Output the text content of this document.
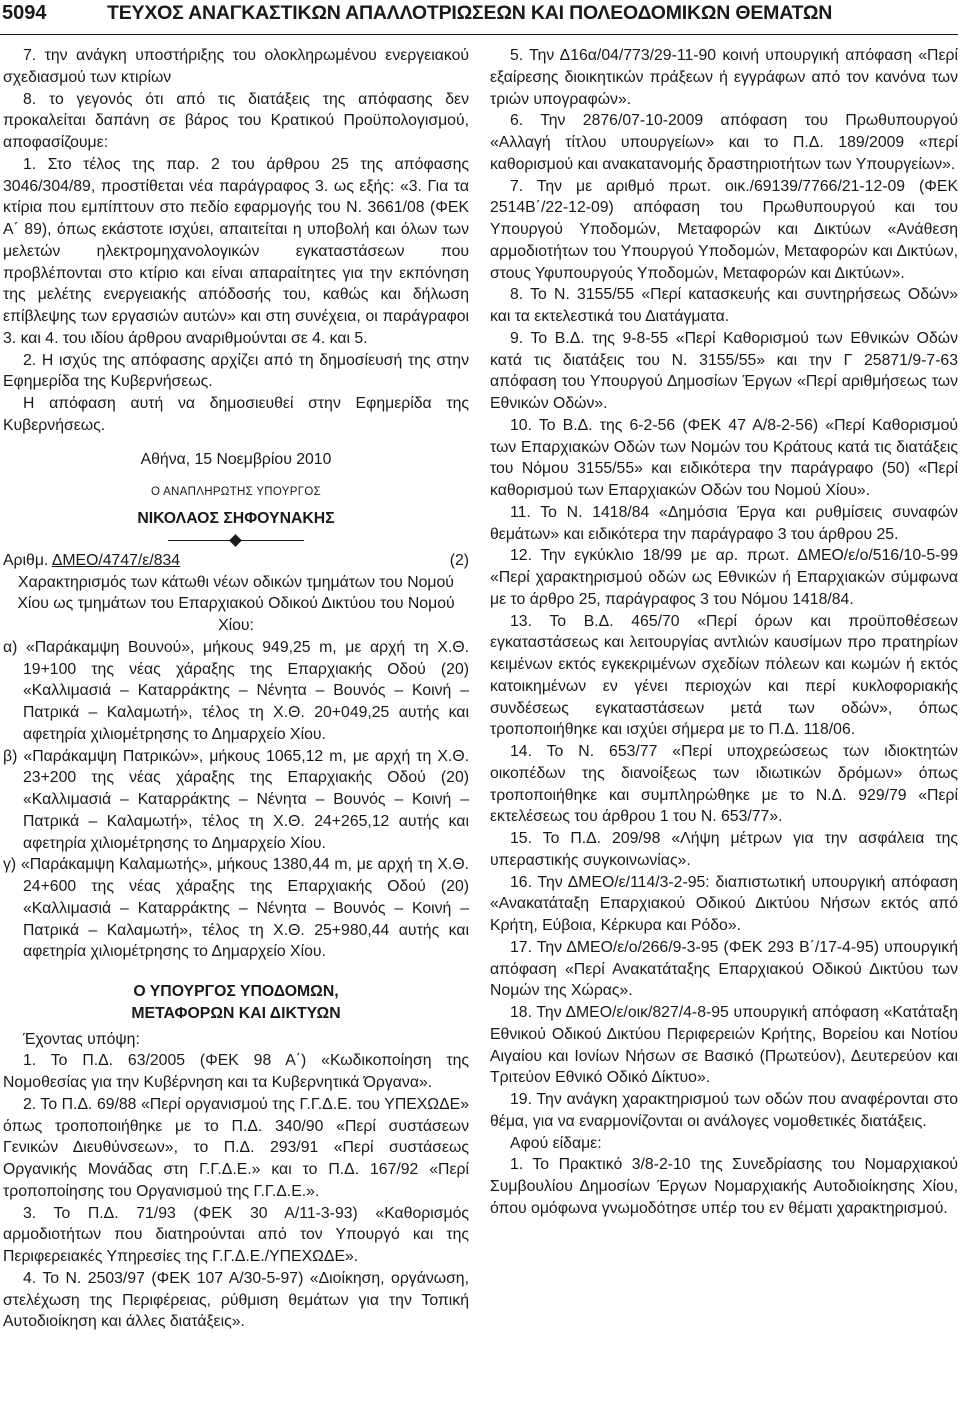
5094	ΤΕΥΧΟΣ ΑΝΑΓΚΑΣΤΙΚΩΝ ΑΠΑΛΛΟΤΡΙΩΣΕΩΝ ΚΑΙ ΠΟΛΕΟΔΟΜΙΚΩΝ ΘΕΜΑΤΩΝ

7. την ανάγκη υποστήριξης του ολοκληρωμένου ενεργειακού σχεδιασμού των κτιρίων

8. το γεγονός ότι από τις διατάξεις της απόφασης δεν προκαλείται δαπάνη σε βάρος του Κρατικού Προϋπολογισμού, αποφασίζουμε:

1. Στο τέλος της παρ. 2 του άρθρου 25 της απόφασης 3046/304/89, προστίθεται νέα παράγραφος 3. ως εξής: «3. Για τα κτίρια που εμπίπτουν στο πεδίο εφαρμογής του Ν. 3661/08 (ΦΕΚ Α΄ 89), όπως εκάστοτε ισχύει, απαιτείται η υποβολή και όλων των μελετών ηλεκτρομηχανολογικών εγκαταστάσεων που προβλέπονται στο κτίριο και είναι απαραίτητες για την εκπόνηση της μελέτης ενεργειακής απόδοσής του, καθώς και δήλωση επίβλεψης των εργασιών αυτών» και στη συνέχεια, οι παράγραφοι 3. και 4. του ιδίου άρθρου αναριθμούνται σε 4. και 5.

2. Η ισχύς της απόφασης αρχίζει από τη δημοσίευσή της στην Εφημερίδα της Κυβερνήσεως.

Η απόφαση αυτή να δημοσιευθεί στην Εφημερίδα της Κυβερνήσεως.

Αθήνα, 15 Νοεμβρίου 2010

Ο ΑΝΑΠΛΗΡΩΤΗΣ ΥΠΟΥΡΓΟΣ

ΝΙΚΟΛΑΟΣ ΣΗΦΟΥΝΑΚΗΣ

Αριθμ. ΔΜΕΟ/4747/ε/834	(2)

Χαρακτηρισμός των κάτωθι νέων οδικών τμημάτων του Νομού Χίου ως τμημάτων του Επαρχιακού Οδικού Δικτύου του Νομού Χίου:

α) «Παράκαμψη Βουνού», μήκους 949,25 m, με αρχή τη Χ.Θ. 19+100 της νέας χάραξης της Επαρχιακής Οδού (20) «Καλλιμασιά – Καταρράκτης – Νένητα – Βουνός – Κοινή – Πατρικά – Καλαμωτή», τέλος τη Χ.Θ. 20+049,25 αυτής και αφετηρία χιλιομέτρησης το Δημαρχείο Χίου.

β) «Παράκαμψη Πατρικών», μήκους 1065,12 m, με αρχή τη Χ.Θ. 23+200 της νέας χάραξης της Επαρχιακής Οδού (20) «Καλλιμασιά – Καταρράκτης – Νένητα – Βουνός – Κοινή – Πατρικά – Καλαμωτή», τέλος τη Χ.Θ. 24+265,12 αυτής και αφετηρία χιλιομέτρησης το Δημαρχείο Χίου.

γ) «Παράκαμψη Καλαμωτής», μήκους 1380,44 m, με αρχή τη Χ.Θ. 24+600 της νέας χάραξης της Επαρχιακής Οδού (20) «Καλλιμασιά – Καταρράκτης – Νένητα – Βουνός – Κοινή – Πατρικά – Καλαμωτή», τέλος τη Χ.Θ. 25+980,44 αυτής και αφετηρία χιλιομέτρησης το Δημαρχείο Χίου.

Ο ΥΠΟΥΡΓΟΣ ΥΠΟΔΟΜΩΝ,

ΜΕΤΑΦΟΡΩΝ ΚΑΙ ΔΙΚΤΥΩΝ

Έχοντας υπόψη:

1. Το Π.Δ. 63/2005 (ΦΕΚ 98 Α΄) «Κωδικοποίηση της Νομοθεσίας για την Κυβέρνηση και τα Κυβερνητικά Όργανα».

2. Το Π.Δ. 69/88 «Περί οργανισμού της Γ.Γ.Δ.Ε. του ΥΠΕΧΩΔΕ» όπως τροποποιήθηκε με το Π.Δ. 340/90 «Περί συστάσεων Γενικών Διευθύνσεων», το Π.Δ. 293/91 «Περί συστάσεως Οργανικής Μονάδας στη Γ.Γ.Δ.Ε.» και το Π.Δ. 167/92 «Περί τροποποίησης του Οργανισμού της Γ.Γ.Δ.Ε.».

3. Το Π.Δ. 71/93 (ΦΕΚ 30 Α/11-3-93) «Καθορισμός αρμοδιοτήτων που διατηρούνται από τον Υπουργό και της Περιφερειακές Υπηρεσίες της Γ.Γ.Δ.Ε./ΥΠΕΧΩΔΕ».

4. Το Ν. 2503/97 (ΦΕΚ 107 Α/30-5-97) «Διοίκηση, οργάνωση, στελέχωση της Περιφέρειας, ρύθμιση θεμάτων για την Τοπική Αυτοδιοίκηση και άλλες διατάξεις».

5. Την Δ16α/04/773/29-11-90 κοινή υπουργική απόφαση «Περί εξαίρεσης διοικητικών πράξεων ή εγγράφων από τον κανόνα των τριών υπογραφών».

6. Την 2876/07-10-2009 απόφαση του Πρωθυπουργού «Αλλαγή τίτλου υπουργείων» και το Π.Δ. 189/2009 «περί καθορισμού και ανακατανομής δραστηριοτήτων των Υπουργείων».

7. Την με αριθμό πρωτ. οικ./69139/7766/21-12-09 (ΦΕΚ 2514Β΄/22-12-09) απόφαση του Πρωθυπουργού και του Υπουργού Υποδομών, Μεταφορών και Δικτύων «Ανάθεση αρμοδιοτήτων του Υπουργού Υποδομών, Μεταφορών και Δικτύων, στους Υφυπουργούς Υποδομών, Μεταφορών και Δικτύων».

8. Το Ν. 3155/55 «Περί κατασκευής και συντηρήσεως Οδών» και τα εκτελεστικά του Διατάγματα.

9. Το Β.Δ. της 9-8-55 «Περί Καθορισμού των Εθνικών Οδών κατά τις διατάξεις του Ν. 3155/55» και την Γ 25871/9-7-63 απόφαση του Υπουργού Δημοσίων Έργων «Περί αριθμήσεως των Εθνικών Οδών».

10. Το Β.Δ. της 6-2-56 (ΦΕΚ 47 Α/8-2-56) «Περί Καθορισμού των Επαρχιακών Οδών των Νομών του Κράτους κατά τις διατάξεις του Νόμου 3155/55» και ειδικότερα την παράγραφο (50) «Περί καθορισμού των Επαρχιακών Οδών του Νομού Χίου».

11. Το Ν. 1418/84 «Δημόσια Έργα και ρυθμίσεις συναφών θεμάτων» και ειδικότερα την παράγραφο 3 του άρθρου 25.

12. Την εγκύκλιο 18/99 με αρ. πρωτ. ΔΜΕΟ/ε/ο/516/10-5-99 «Περί χαρακτηρισμού οδών ως Εθνικών ή Επαρχιακών σύμφωνα με το άρθρο 25, παράγραφος 3 του Νόμου 1418/84.

13. Το Β.Δ. 465/70 «Περί όρων και προϋποθέσεων εγκαταστάσεως και λειτουργίας αντλιών καυσίμων προ πρατηρίων κειμένων εκτός εγκεκριμένων σχεδίων πόλεων και κωμών ή εκτός κατοικημένων εν γένει περιοχών και περί κυκλοφοριακής συνδέσεως εγκαταστάσεων μετά των οδών», όπως τροποποιήθηκε και ισχύει σήμερα με το Π.Δ. 118/06.

14. Το Ν. 653/77 «Περί υποχρεώσεως των ιδιοκτητών οικοπέδων της διανοίξεως των ιδιωτικών δρόμων» όπως τροποποιήθηκε και συμπληρώθηκε με το Ν.Δ. 929/79 «Περί εκτελέσεως του άρθρου 1 του Ν. 653/77».

15. Το Π.Δ. 209/98 «Λήψη μέτρων για την ασφάλεια της υπεραστικής συγκοινωνίας».

16. Την ΔΜΕΟ/ε/114/3-2-95: διαπιστωτική υπουργική απόφαση «Ανακατάταξη Επαρχιακού Οδικού Δικτύου Νήσων εκτός από Κρήτη, Εύβοια, Κέρκυρα και Ρόδο».

17. Την ΔΜΕΟ/ε/ο/266/9-3-95 (ΦΕΚ 293 Β΄/17-4-95) υπουργική απόφαση «Περί Ανακατάταξης Επαρχιακού Οδικού Δικτύου των Νομών της Χώρας».

18. Την ΔΜΕΟ/ε/οικ/827/4-8-95 υπουργική απόφαση «Κατάταξη Εθνικού Οδικού Δικτύου Περιφερειών Κρήτης, Βορείου και Νοτίου Αιγαίου και Ιονίων Νήσων σε Βασικό (Πρωτεύον), Δευτερεύον και Τριτεύον Εθνικό Οδικό Δίκτυο».

19. Την ανάγκη χαρακτηρισμού των οδών που αναφέρονται στο θέμα, για να εναρμονίζονται οι ανάλογες νομοθετικές διατάξεις.

Αφού είδαμε:

1. Το Πρακτικό 3/8-2-10 της Συνεδρίασης του Νομαρχιακού Συμβουλίου Δημοσίων Έργων Νομαρχιακής Αυτοδιοίκησης Χίου, όπου ομόφωνα γνωμοδότησε υπέρ του εν θέματι χαρακτηρισμού.
